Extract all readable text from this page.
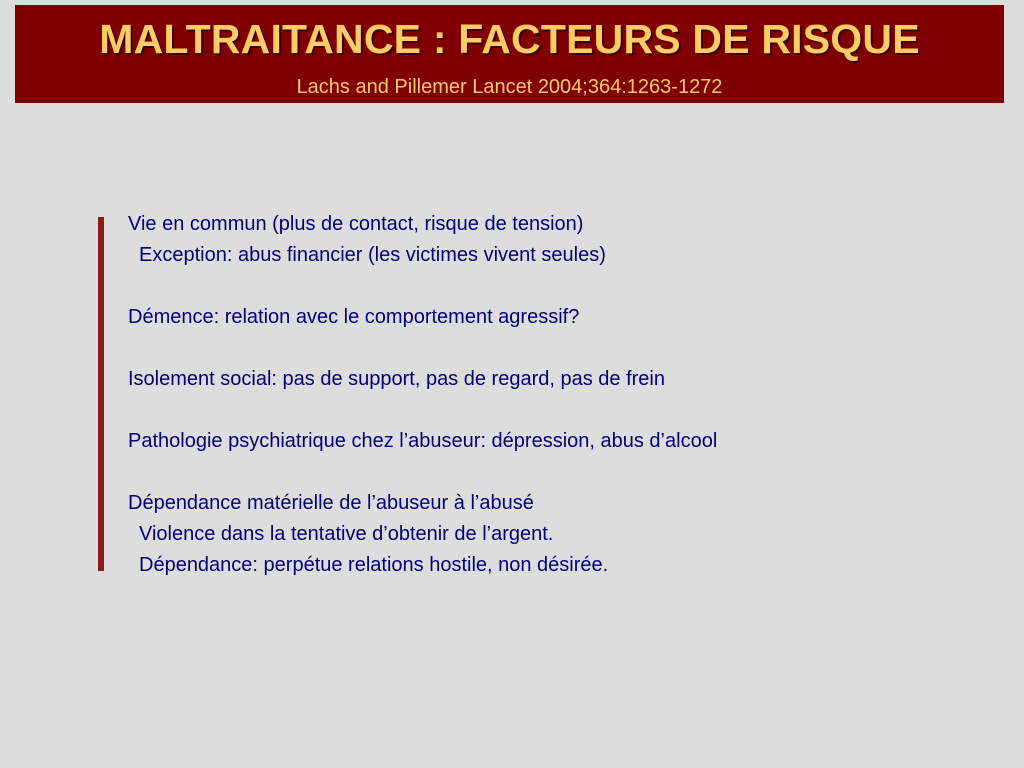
MALTRAITANCE : FACTEURS DE RISQUE

Lachs and Pillemer Lancet 2004;364:1263-1272

Vie en commun (plus de contact, risque de tension)
Exception: abus financier (les victimes vivent seules)
Démence: relation avec le comportement agressif?
Isolement social: pas de support, pas de regard, pas de frein
Pathologie psychiatrique chez l’abuseur: dépression, abus d’alcool
Dépendance matérielle de l’abuseur à l’abusé
Violence dans la tentative d’obtenir de l’argent.
Dépendance: perpétue relations hostile, non désirée.
